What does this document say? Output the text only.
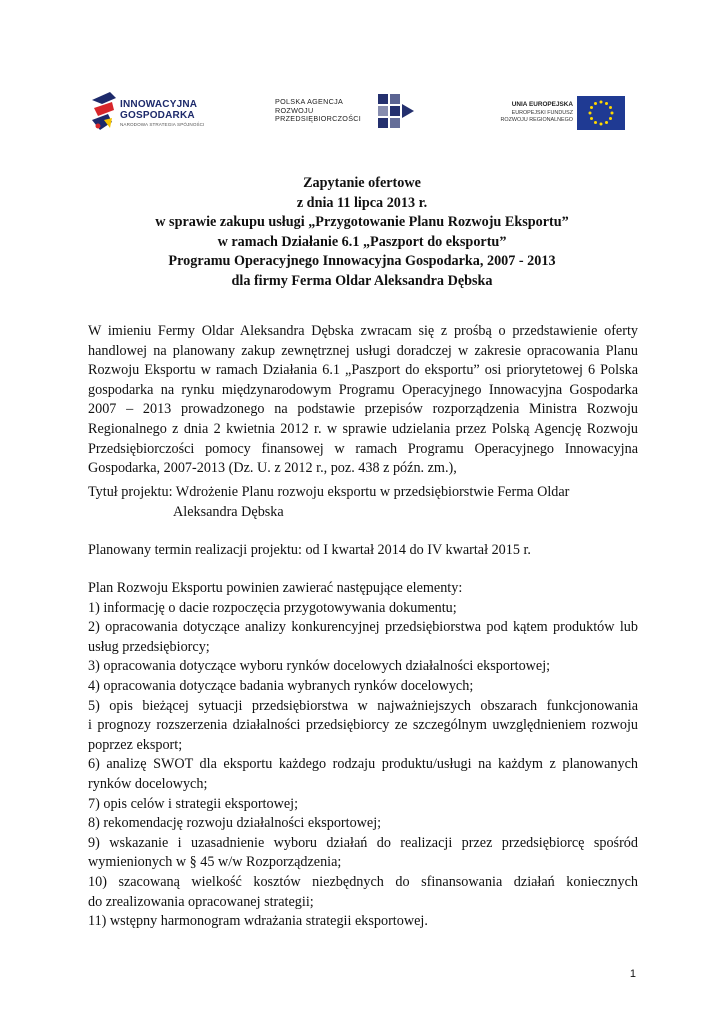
INNOWACYJNA
GOSPODARKA
NARODOWA STRATEGIA SPÓJNOŚCI
POLSKA AGENCJA
ROZWOJU
PRZEDSIĘBIORCZOŚCI
UNIA EUROPEJSKA
EUROPEJSKI FUNDUSZ
ROZWOJU REGIONALNEGO
Zapytanie ofertowe
z dnia 11 lipca 2013 r.
w sprawie zakupu usługi „Przygotowanie Planu Rozwoju Eksportu”
w ramach Działanie 6.1 „Paszport do eksportu”
Programu Operacyjnego Innowacyjna Gospodarka, 2007 - 2013
dla firmy Ferma Oldar Aleksandra Dębska
W imieniu Fermy Oldar Aleksandra Dębska zwracam się z prośbą o przedstawienie oferty
handlowej na planowany zakup zewnętrznej usługi doradczej w zakresie opracowania Planu
Rozwoju Eksportu w ramach Działania 6.1 „Paszport do eksportu” osi priorytetowej 6 Polska
gospodarka na rynku międzynarodowym Programu Operacyjnego Innowacyjna Gospodarka
2007 – 2013 prowadzonego na podstawie przepisów rozporządzenia Ministra Rozwoju
Regionalnego z dnia 2 kwietnia 2012 r. w sprawie udzielania przez Polską Agencję Rozwoju
Przedsiębiorczości pomocy finansowej w ramach Programu Operacyjnego Innowacyjna
Gospodarka, 2007-2013 (Dz. U. z 2012 r., poz. 438 z późn. zm.),
Tytuł projektu: Wdrożenie Planu rozwoju eksportu w przedsiębiorstwie Ferma Oldar
Aleksandra Dębska
Planowany termin realizacji projektu: od I kwartał 2014 do IV kwartał 2015 r.
Plan Rozwoju Eksportu powinien zawierać następujące elementy:
1) informację o dacie rozpoczęcia przygotowywania dokumentu;
2) opracowania dotyczące analizy konkurencyjnej przedsiębiorstwa pod kątem produktów lub
usług przedsiębiorcy;
3) opracowania dotyczące wyboru rynków docelowych działalności eksportowej;
4) opracowania dotyczące badania wybranych rynków docelowych;
5) opis bieżącej sytuacji przedsiębiorstwa w najważniejszych obszarach funkcjonowania
i prognozy rozszerzenia działalności przedsiębiorcy ze szczególnym uwzględnieniem rozwoju
poprzez eksport;
6) analizę SWOT dla eksportu każdego rodzaju produktu/usługi na każdym z planowanych
rynków docelowych;
7) opis celów i strategii eksportowej;
8) rekomendację rozwoju działalności eksportowej;
9) wskazanie i uzasadnienie wyboru działań do realizacji przez przedsiębiorcę spośród
wymienionych w § 45 w/w Rozporządzenia;
10) szacowaną wielkość kosztów niezbędnych do sfinansowania działań koniecznych
do zrealizowania opracowanej strategii;
11) wstępny harmonogram wdrażania strategii eksportowej.
1
